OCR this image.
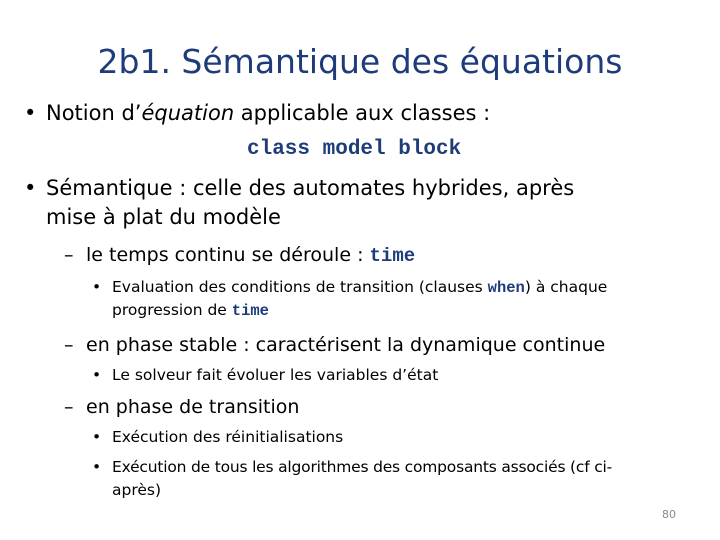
2b1. Sémantique des équations
• Notion d’équation applicable aux classes :
class model block
• Sémantique : celle des automates hybrides, après
mise à plat du modèle
– le temps continu se déroule : time
• Evaluation des conditions de transition (clauses when) à chaque
progression de time
– en phase stable : caractérisent la dynamique continue
• Le solveur fait évoluer les variables d’état
– en phase de transition
• Exécution des réinitialisations
• Exécution de tous les algorithmes des composants associés (cf ci-
après)
80
